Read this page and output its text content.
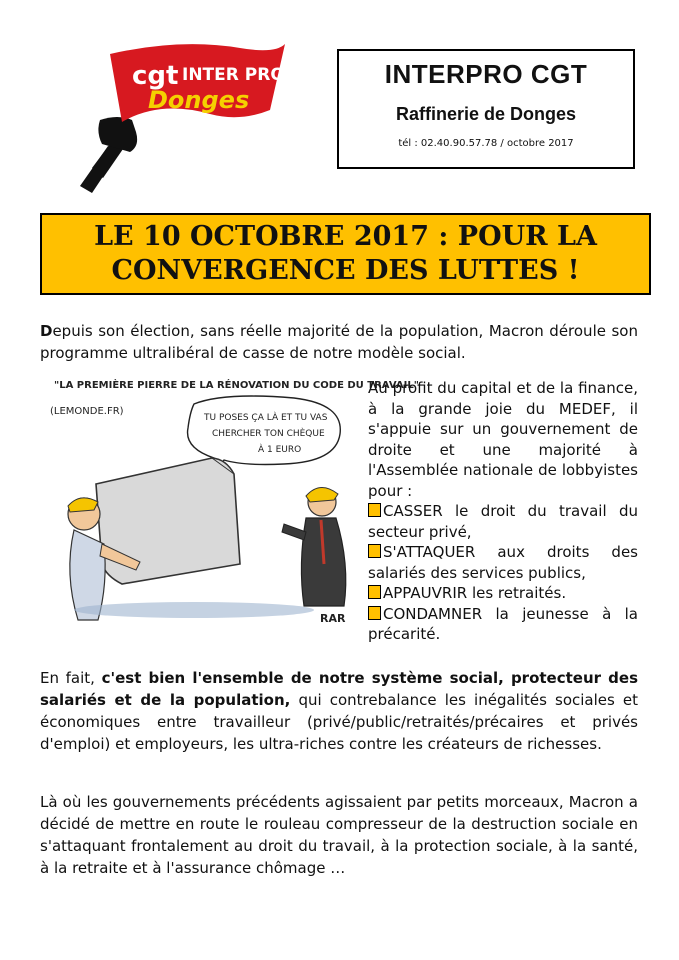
cgt INTER PRO
Donges
INTERPRO CGT
Raffinerie de Donges
tél : 02.40.90.57.78 / octobre 2017
LE 10 OCTOBRE 2017 : POUR LA
CONVERGENCE DES LUTTES !

Depuis son élection, sans réelle majorité de la population, Macron déroule son programme ultralibéral de casse de notre modèle social.

"LA PREMIÈRE PIERRE DE LA RÉNOVATION DU CODE DU TRAVAIL"
(LEMONDE.FR)
TU POSES ÇA LÀ ET TU VAS
CHERCHER TON CHÈQUE
À 1 EURO
RAR
Au profit du capital et de la finance, à la grande joie du MEDEF, il s'appuie sur un gouvernement de droite et une majorité à l'Assemblée nationale de lobbyistes pour :
CASSER le droit du travail du secteur privé,
S'ATTAQUER aux droits des salariés des services publics,
APPAUVRIR les retraités.
CONDAMNER la jeunesse à la précarité.

En fait, c'est bien l'ensemble de notre système social, protecteur des salariés et de la population, qui contrebalance les inégalités sociales et économiques entre travailleur (privé/public/retraités/précaires et privés d'emploi) et employeurs, les ultra-riches contre les créateurs de richesses.

Là où les gouvernements précédents agissaient par petits morceaux, Macron a décidé de mettre en route le rouleau compresseur de la destruction sociale en s'attaquant frontalement au droit du travail, à la protection sociale, à la santé, à la retraite et à l'assurance chômage …
